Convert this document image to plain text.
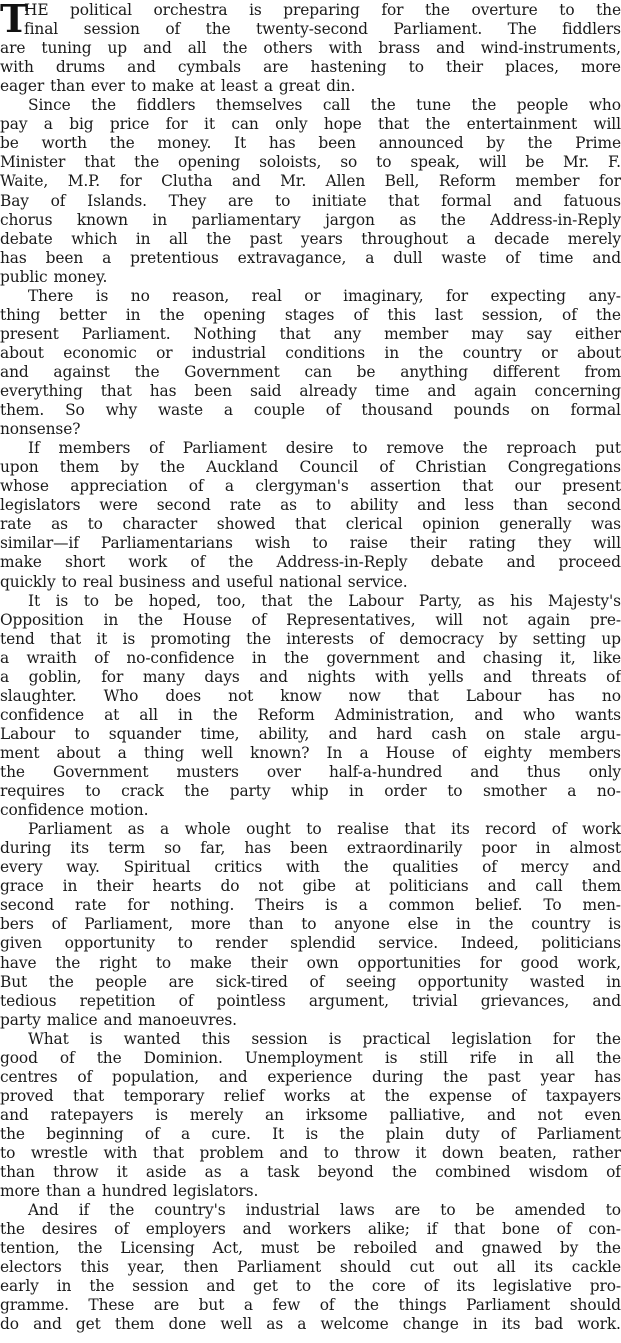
T
HE political orchestra is preparing for the overture to the
final session of the twenty-second Parliament. The fiddlers
are tuning up and all the others with brass and wind-instruments,
with drums and cymbals are hastening to their places, more
eager than ever to make at least a great din.
Since the fiddlers themselves call the tune the people who
pay a big price for it can only hope that the entertainment will
be worth the money. It has been announced by the Prime
Minister that the opening soloists, so to speak, will be Mr. F.
Waite, M.P. for Clutha and Mr. Allen Bell, Reform member for
Bay of Islands. They are to initiate that formal and fatuous
chorus known in parliamentary jargon as the Address-in-Reply
debate which in all the past years throughout a decade merely
has been a pretentious extravagance, a dull waste of time and
public money.
There is no reason, real or imaginary, for expecting any-
thing better in the opening stages of this last session, of the
present Parliament. Nothing that any member may say either
about economic or industrial conditions in the country or about
and against the Government can be anything different from
everything that has been said already time and again concerning
them. So why waste a couple of thousand pounds on formal
nonsense?
If members of Parliament desire to remove the reproach put
upon them by the Auckland Council of Christian Congregations
whose appreciation of a clergyman's assertion that our present
legislators were second rate as to ability and less than second
rate as to character showed that clerical opinion generally was
similar—if Parliamentarians wish to raise their rating they will
make short work of the Address-in-Reply debate and proceed
quickly to real business and useful national service.
It is to be hoped, too, that the Labour Party, as his Majesty's
Opposition in the House of Representatives, will not again pre-
tend that it is promoting the interests of democracy by setting up
a wraith of no-confidence in the government and chasing it, like
a goblin, for many days and nights with yells and threats of
slaughter. Who does not know now that Labour has no
confidence at all in the Reform Administration, and who wants
Labour to squander time, ability, and hard cash on stale argu-
ment about a thing well known? In a House of eighty members
the Government musters over half-a-hundred and thus only
requires to crack the party whip in order to smother a no-
confidence motion.
Parliament as a whole ought to realise that its record of work
during its term so far, has been extraordinarily poor in almost
every way. Spiritual critics with the qualities of mercy and
grace in their hearts do not gibe at politicians and call them
second rate for nothing. Theirs is a common belief. To men-
bers of Parliament, more than to anyone else in the country is
given opportunity to render splendid service. Indeed, politicians
have the right to make their own opportunities for good work,
But the people are sick-tired of seeing opportunity wasted in
tedious repetition of pointless argument, trivial grievances, and
party malice and manoeuvres.
What is wanted this session is practical legislation for the
good of the Dominion. Unemployment is still rife in all the
centres of population, and experience during the past year has
proved that temporary relief works at the expense of taxpayers
and ratepayers is merely an irksome palliative, and not even
the beginning of a cure. It is the plain duty of Parliament
to wrestle with that problem and to throw it down beaten, rather
than throw it aside as a task beyond the combined wisdom of
more than a hundred legislators.
And if the country's industrial laws are to be amended to
the desires of employers and workers alike; if that bone of con-
tention, the Licensing Act, must be reboiled and gnawed by the
electors this year, then Parliament should cut out all its cackle
early in the session and get to the core of its legislative pro-
gramme. These are but a few of the things Parliament should
do and get them done well as a welcome change in its bad work.
